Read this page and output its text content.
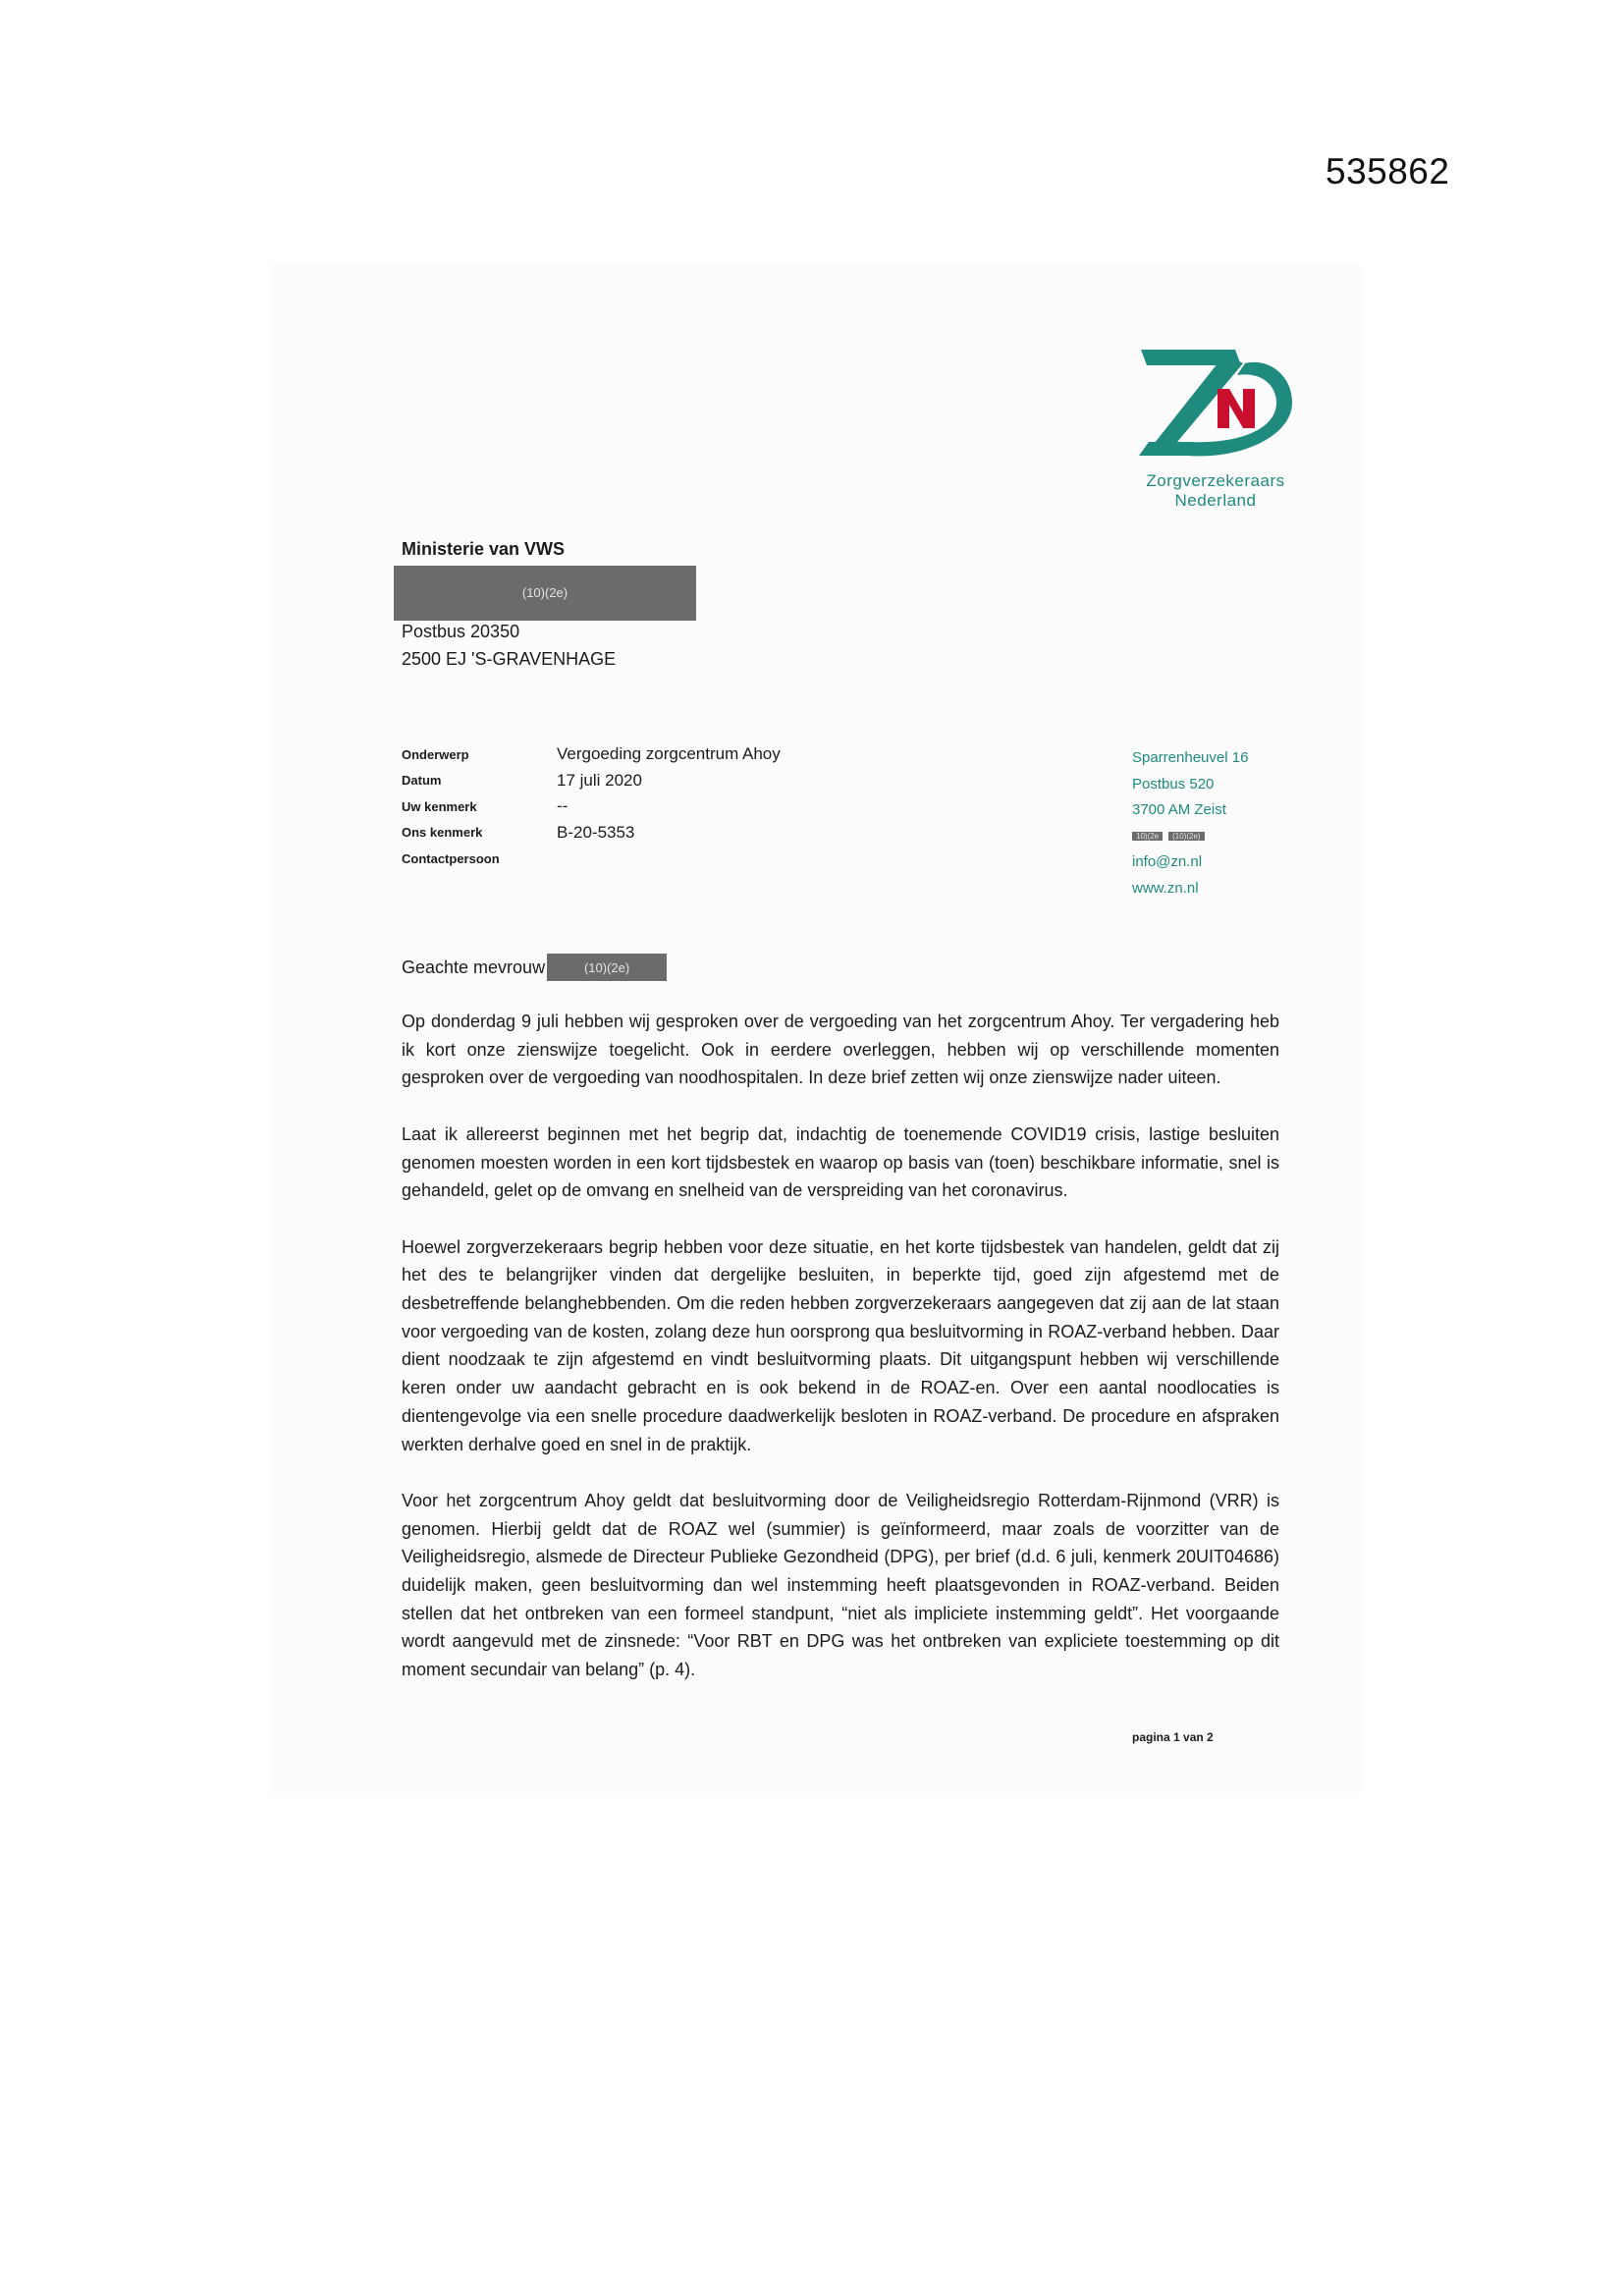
535862
Zorgverzekeraars
Nederland
Ministerie van VWS
(10)(2e)
Postbus 20350
2500 EJ 'S-GRAVENHAGE
Onderwerp	Vergoeding zorgcentrum Ahoy
Datum	17 juli 2020
Uw kenmerk	--
Ons kenmerk	B-20-5353
Contactpersoon
Sparrenheuvel 16
Postbus 520
3700 AM Zeist
10)(2e	(10)(2e)
info@zn.nl
www.zn.nl
Geachte mevrouw	(10)(2e)

Op donderdag 9 juli hebben wij gesproken over de vergoeding van het zorgcentrum Ahoy. Ter vergadering heb ik kort onze zienswijze toegelicht. Ook in eerdere overleggen, hebben wij op verschillende momenten gesproken over de vergoeding van noodhospitalen. In deze brief zetten wij onze zienswijze nader uiteen.

Laat ik allereerst beginnen met het begrip dat, indachtig de toenemende COVID19 crisis, lastige besluiten genomen moesten worden in een kort tijdsbestek en waarop op basis van (toen) beschikbare informatie, snel is gehandeld, gelet op de omvang en snelheid van de verspreiding van het coronavirus.

Hoewel zorgverzekeraars begrip hebben voor deze situatie, en het korte tijdsbestek van handelen, geldt dat zij het des te belangrijker vinden dat dergelijke besluiten, in beperkte tijd, goed zijn afgestemd met de desbetreffende belanghebbenden. Om die reden hebben zorgverzekeraars aangegeven dat zij aan de lat staan voor vergoeding van de kosten, zolang deze hun oorsprong qua besluitvorming in ROAZ-verband hebben. Daar dient noodzaak te zijn afgestemd en vindt besluitvorming plaats. Dit uitgangspunt hebben wij verschillende keren onder uw aandacht gebracht en is ook bekend in de ROAZ-en. Over een aantal noodlocaties is dientengevolge via een snelle procedure daadwerkelijk besloten in ROAZ-verband. De procedure en afspraken werkten derhalve goed en snel in de praktijk.

Voor het zorgcentrum Ahoy geldt dat besluitvorming door de Veiligheidsregio Rotterdam-Rijnmond (VRR) is genomen. Hierbij geldt dat de ROAZ wel (summier) is geïnformeerd, maar zoals de voorzitter van de Veiligheidsregio, alsmede de Directeur Publieke Gezondheid (DPG), per brief (d.d. 6 juli, kenmerk 20UIT04686) duidelijk maken, geen besluitvorming dan wel instemming heeft plaatsgevonden in ROAZ-verband. Beiden stellen dat het ontbreken van een formeel standpunt, “niet als impliciete instemming geldt”. Het voorgaande wordt aangevuld met de zinsnede: “Voor RBT en DPG was het ontbreken van expliciete toestemming op dit moment secundair van belang” (p. 4).

pagina 1 van 2
